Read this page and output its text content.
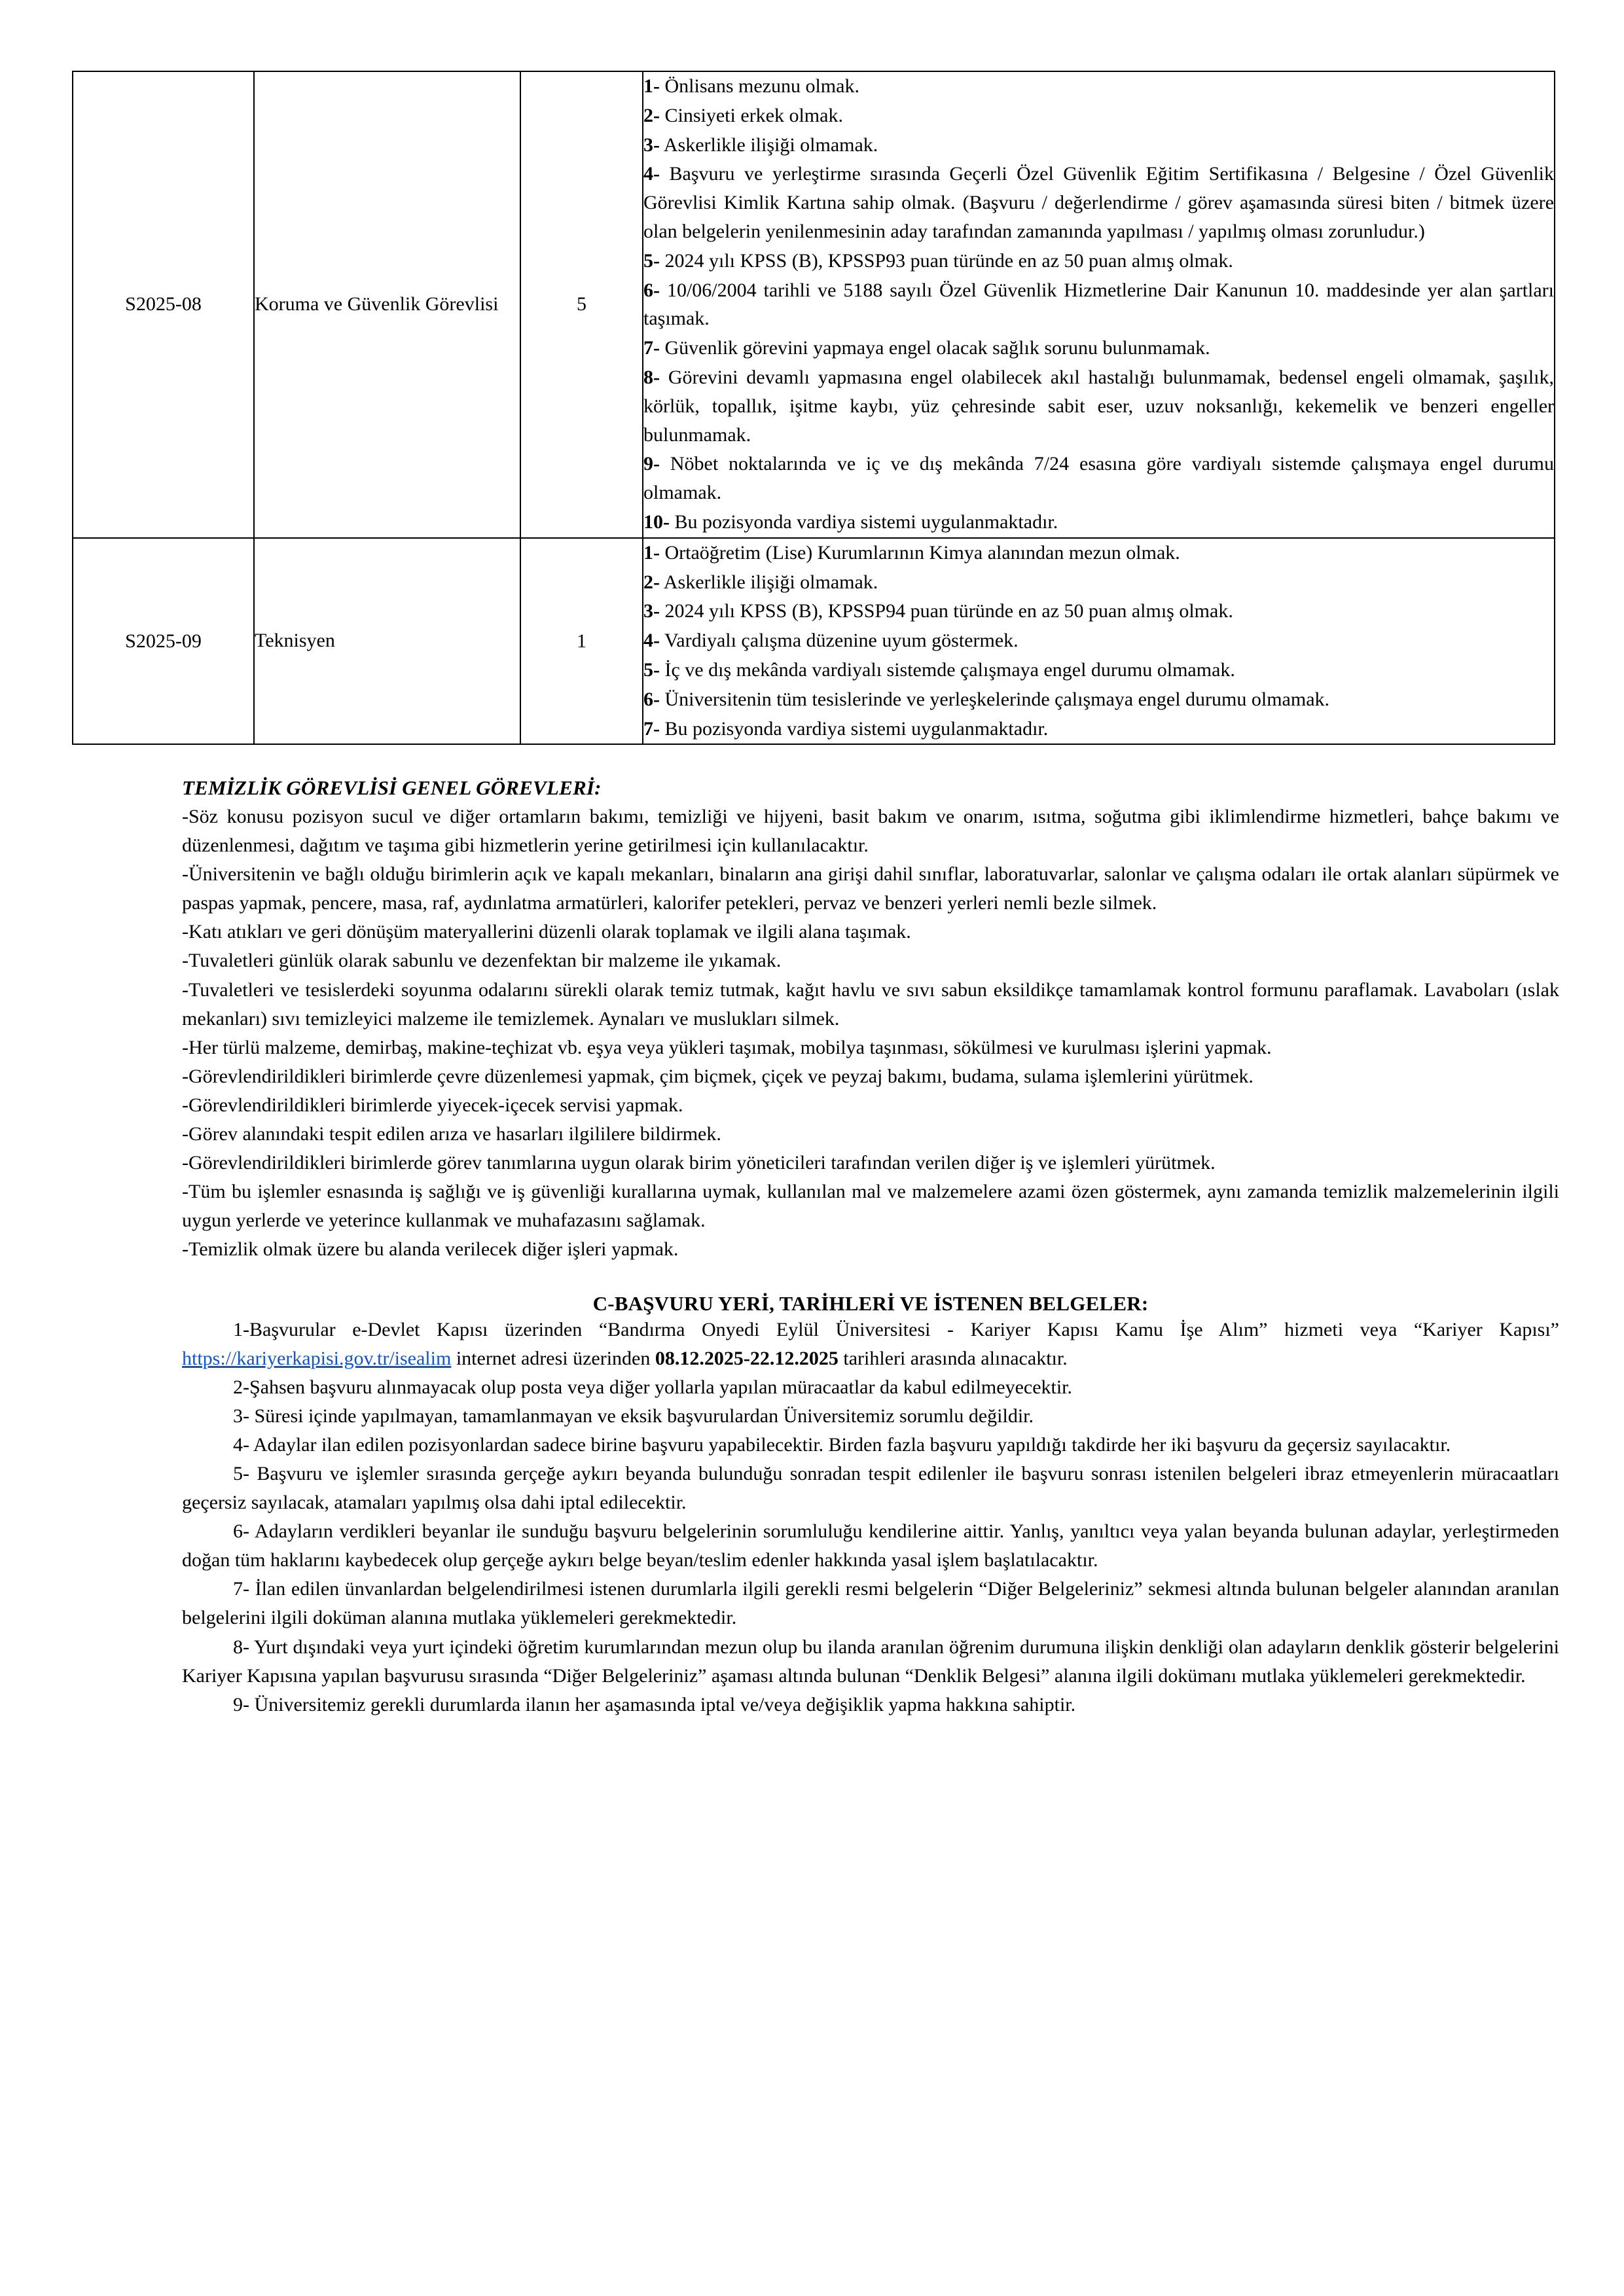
S2025-08	Koruma ve Güvenlik Görevlisi	5	
1- Önlisans mezunu olmak.
2- Cinsiyeti erkek olmak.
3- Askerlikle ilişiği olmamak.
4- Başvuru ve yerleştirme sırasında Geçerli Özel Güvenlik Eğitim Sertifikasına / Belgesine / Özel Güvenlik Görevlisi Kimlik Kartına sahip olmak. (Başvuru / değerlendirme / görev aşamasında süresi biten / bitmek üzere olan belgelerin yenilenmesinin aday tarafından zamanında yapılması / yapılmış olması zorunludur.)
5- 2024 yılı KPSS (B), KPSSP93 puan türünde en az 50 puan almış olmak.
6- 10/06/2004 tarihli ve 5188 sayılı Özel Güvenlik Hizmetlerine Dair Kanunun 10. maddesinde yer alan şartları taşımak.
7- Güvenlik görevini yapmaya engel olacak sağlık sorunu bulunmamak.
8- Görevini devamlı yapmasına engel olabilecek akıl hastalığı bulunmamak, bedensel engeli olmamak, şaşılık, körlük, topallık, işitme kaybı, yüz çehresinde sabit eser, uzuv noksanlığı, kekemelik ve benzeri engeller bulunmamak.
9- Nöbet noktalarında ve iç ve dış mekânda 7/24 esasına göre vardiyalı sistemde çalışmaya engel durumu olmamak.
10- Bu pozisyonda vardiya sistemi uygulanmaktadır.

S2025-09	Teknisyen	1	
1- Ortaöğretim (Lise) Kurumlarının Kimya alanından mezun olmak.
2- Askerlikle ilişiği olmamak.
3- 2024 yılı KPSS (B), KPSSP94 puan türünde en az 50 puan almış olmak.
4- Vardiyalı çalışma düzenine uyum göstermek.
5- İç ve dış mekânda vardiyalı sistemde çalışmaya engel durumu olmamak.
6- Üniversitenin tüm tesislerinde ve yerleşkelerinde çalışmaya engel durumu olmamak.
7- Bu pozisyonda vardiya sistemi uygulanmaktadır.
TEMİZLİK GÖREVLİSİ GENEL GÖREVLERİ:

-Söz konusu pozisyon sucul ve diğer ortamların bakımı, temizliği ve hijyeni, basit bakım ve onarım, ısıtma, soğutma gibi iklimlendirme hizmetleri, bahçe bakımı ve düzenlenmesi, dağıtım ve taşıma gibi hizmetlerin yerine getirilmesi için kullanılacaktır.

-Üniversitenin ve bağlı olduğu birimlerin açık ve kapalı mekanları, binaların ana girişi dahil sınıflar, laboratuvarlar, salonlar ve çalışma odaları ile ortak alanları süpürmek ve paspas yapmak, pencere, masa, raf, aydınlatma armatürleri, kalorifer petekleri, pervaz ve benzeri yerleri nemli bezle silmek.

-Katı atıkları ve geri dönüşüm materyallerini düzenli olarak toplamak ve ilgili alana taşımak.

-Tuvaletleri günlük olarak sabunlu ve dezenfektan bir malzeme ile yıkamak.

-Tuvaletleri ve tesislerdeki soyunma odalarını sürekli olarak temiz tutmak, kağıt havlu ve sıvı sabun eksildikçe tamamlamak kontrol formunu paraflamak. Lavaboları (ıslak mekanları) sıvı temizleyici malzeme ile temizlemek. Aynaları ve muslukları silmek.

-Her türlü malzeme, demirbaş, makine-teçhizat vb. eşya veya yükleri taşımak, mobilya taşınması, sökülmesi ve kurulması işlerini yapmak.

-Görevlendirildikleri birimlerde çevre düzenlemesi yapmak, çim biçmek, çiçek ve peyzaj bakımı, budama, sulama işlemlerini yürütmek.

-Görevlendirildikleri birimlerde yiyecek-içecek servisi yapmak.

-Görev alanındaki tespit edilen arıza ve hasarları ilgililere bildirmek.

-Görevlendirildikleri birimlerde görev tanımlarına uygun olarak birim yöneticileri tarafından verilen diğer iş ve işlemleri yürütmek.

-Tüm bu işlemler esnasında iş sağlığı ve iş güvenliği kurallarına uymak, kullanılan mal ve malzemelere azami özen göstermek, aynı zamanda temizlik malzemelerinin ilgili uygun yerlerde ve yeterince kullanmak ve muhafazasını sağlamak.

-Temizlik olmak üzere bu alanda verilecek diğer işleri yapmak.

C-BAŞVURU YERİ, TARİHLERİ VE İSTENEN BELGELER:

1-Başvurular e-Devlet Kapısı üzerinden “Bandırma Onyedi Eylül Üniversitesi - Kariyer Kapısı Kamu İşe Alım” hizmeti veya “Kariyer Kapısı” https://kariyerkapisi.gov.tr/isealim internet adresi üzerinden 08.12.2025-22.12.2025 tarihleri arasında alınacaktır.

2-Şahsen başvuru alınmayacak olup posta veya diğer yollarla yapılan müracaatlar da kabul edilmeyecektir.

3- Süresi içinde yapılmayan, tamamlanmayan ve eksik başvurulardan Üniversitemiz sorumlu değildir.

4- Adaylar ilan edilen pozisyonlardan sadece birine başvuru yapabilecektir. Birden fazla başvuru yapıldığı takdirde her iki başvuru da geçersiz sayılacaktır.

5- Başvuru ve işlemler sırasında gerçeğe aykırı beyanda bulunduğu sonradan tespit edilenler ile başvuru sonrası istenilen belgeleri ibraz etmeyenlerin müracaatları geçersiz sayılacak, atamaları yapılmış olsa dahi iptal edilecektir.

6- Adayların verdikleri beyanlar ile sunduğu başvuru belgelerinin sorumluluğu kendilerine aittir. Yanlış, yanıltıcı veya yalan beyanda bulunan adaylar, yerleştirmeden doğan tüm haklarını kaybedecek olup gerçeğe aykırı belge beyan/teslim edenler hakkında yasal işlem başlatılacaktır.

7- İlan edilen ünvanlardan belgelendirilmesi istenen durumlarla ilgili gerekli resmi belgelerin “Diğer Belgeleriniz” sekmesi altında bulunan belgeler alanından aranılan belgelerini ilgili doküman alanına mutlaka yüklemeleri gerekmektedir.

8- Yurt dışındaki veya yurt içindeki öğretim kurumlarından mezun olup bu ilanda aranılan öğrenim durumuna ilişkin denkliği olan adayların denklik gösterir belgelerini Kariyer Kapısına yapılan başvurusu sırasında “Diğer Belgeleriniz” aşaması altında bulunan “Denklik Belgesi” alanına ilgili dokümanı mutlaka yüklemeleri gerekmektedir.

9- Üniversitemiz gerekli durumlarda ilanın her aşamasında iptal ve/veya değişiklik yapma hakkına sahiptir.
